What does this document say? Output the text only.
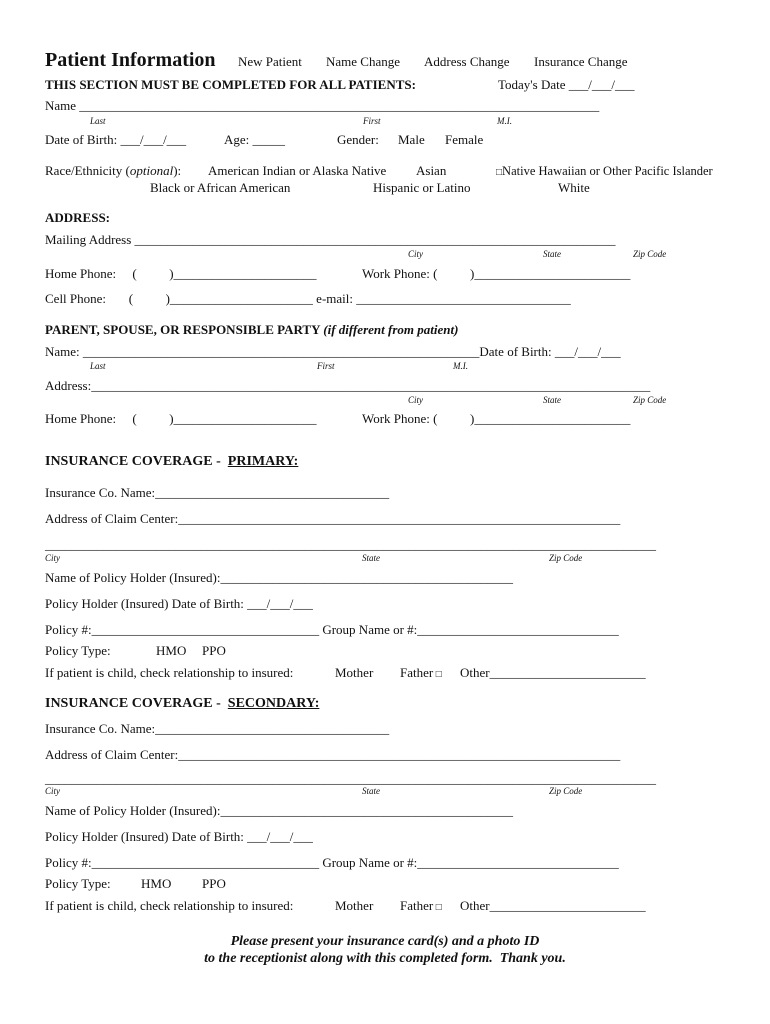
Patient Information New Patient Name Change Address Change Insurance Change
THIS SECTION MUST BE COMPLETED FOR ALL PATIENTS:	Today's Date ___/___/___
Name ________________________________________________________________________________
Last	First	M.I.
Date of Birth: ___/___/___	Age: _____	Gender: Male Female
Race/Ethnicity (optional): American Indian or Alaska Native Asian	□Native Hawaiian or Other Pacific Islander
Black or African American	Hispanic or Latino	White
ADDRESS:
Mailing Address __________________________________________________________________________
City	State	Zip Code
Home Phone:     (          )______________________	Work Phone: (          )________________________
Cell Phone:       (          )______________________ e-mail: _________________________________
PARENT, SPOUSE, OR RESPONSIBLE PARTY (if different from patient)
Name: _____________________________________________________________Date of Birth: ___/___/___
Last	First	M.I.
Address:______________________________________________________________________________________
City	State	Zip Code
Home Phone:     (          )______________________	Work Phone: (          )________________________
INSURANCE COVERAGE -  PRIMARY:
Insurance Co. Name:____________________________________
Address of Claim Center:____________________________________________________________________
______________________________________________________________________________________________
City	State	Zip Code
Name of Policy Holder (Insured):_____________________________________________
Policy Holder (Insured) Date of Birth: ___/___/___
Policy #:___________________________________ Group Name or #:_______________________________
Policy Type:	HMO PPO
If patient is child, check relationship to insured:	Mother Father □ Other________________________
INSURANCE COVERAGE -  SECONDARY:
Insurance Co. Name:____________________________________
Address of Claim Center:____________________________________________________________________
______________________________________________________________________________________________
City	State	Zip Code
Name of Policy Holder (Insured):_____________________________________________
Policy Holder (Insured) Date of Birth: ___/___/___
Policy #:___________________________________ Group Name or #:_______________________________
Policy Type: HMO PPO
If patient is child, check relationship to insured:	Mother Father □ Other________________________
Please present your insurance card(s) and a photo ID
to the receptionist along with this completed form.  Thank you.
